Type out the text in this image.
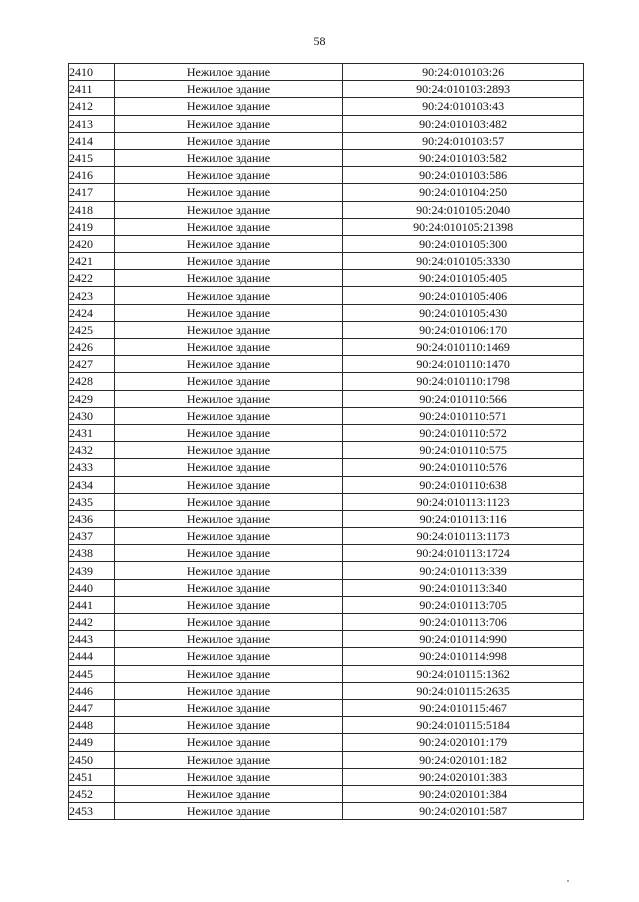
58
2410	Нежилое здание	90:24:010103:26
2411	Нежилое здание	90:24:010103:2893
2412	Нежилое здание	90:24:010103:43
2413	Нежилое здание	90:24:010103:482
2414	Нежилое здание	90:24:010103:57
2415	Нежилое здание	90:24:010103:582
2416	Нежилое здание	90:24:010103:586
2417	Нежилое здание	90:24:010104:250
2418	Нежилое здание	90:24:010105:2040
2419	Нежилое здание	90:24:010105:21398
2420	Нежилое здание	90:24:010105:300
2421	Нежилое здание	90:24:010105:3330
2422	Нежилое здание	90:24:010105:405
2423	Нежилое здание	90:24:010105:406
2424	Нежилое здание	90:24:010105:430
2425	Нежилое здание	90:24:010106:170
2426	Нежилое здание	90:24:010110:1469
2427	Нежилое здание	90:24:010110:1470
2428	Нежилое здание	90:24:010110:1798
2429	Нежилое здание	90:24:010110:566
2430	Нежилое здание	90:24:010110:571
2431	Нежилое здание	90:24:010110:572
2432	Нежилое здание	90:24:010110:575
2433	Нежилое здание	90:24:010110:576
2434	Нежилое здание	90:24:010110:638
2435	Нежилое здание	90:24:010113:1123
2436	Нежилое здание	90:24:010113:116
2437	Нежилое здание	90:24:010113:1173
2438	Нежилое здание	90:24:010113:1724
2439	Нежилое здание	90:24:010113:339
2440	Нежилое здание	90:24:010113:340
2441	Нежилое здание	90:24:010113:705
2442	Нежилое здание	90:24:010113:706
2443	Нежилое здание	90:24:010114:990
2444	Нежилое здание	90:24:010114:998
2445	Нежилое здание	90:24:010115:1362
2446	Нежилое здание	90:24:010115:2635
2447	Нежилое здание	90:24:010115:467
2448	Нежилое здание	90:24:010115:5184
2449	Нежилое здание	90:24:020101:179
2450	Нежилое здание	90:24:020101:182
2451	Нежилое здание	90:24:020101:383
2452	Нежилое здание	90:24:020101:384
2453	Нежилое здание	90:24:020101:587
